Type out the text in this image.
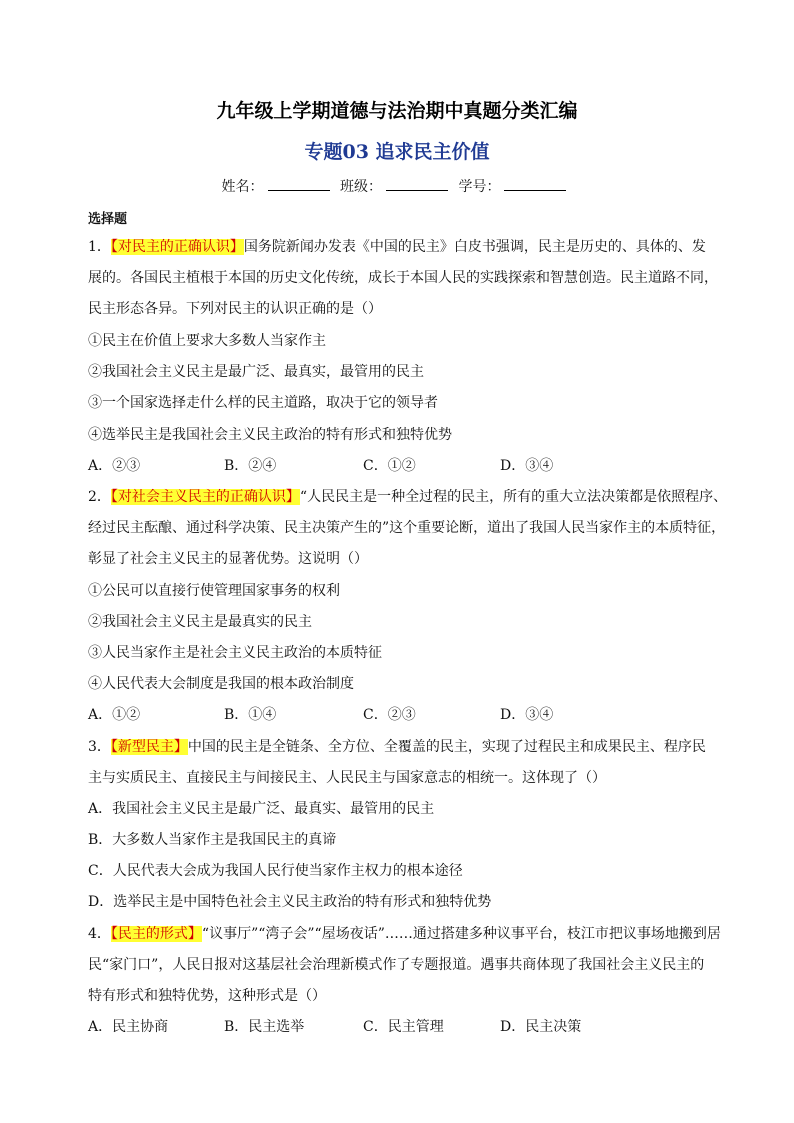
九年级上学期道德与法治期中真题分类汇编
专题03 追求民主价值
姓名：	班级：	学号：
选择题
1．【对民主的正确认识】国务院新闻办发表《中国的民主》白皮书强调，民主是历史的、具体的、发
展的。各国民主植根于本国的历史文化传统，成长于本国人民的实践探索和智慧创造。民主道路不同，
民主形态各异。下列对民主的认识正确的是（）
①民主在价值上要求大多数人当家作主
②我国社会主义民主是最广泛、最真实，最管用的民主
③一个国家选择走什么样的民主道路，取决于它的领导者
④选举民主是我国社会主义民主政治的特有形式和独特优势
A．②③	B．②④	C．①②	D．③④
2．【对社会主义民主的正确认识】“人民民主是一种全过程的民主，所有的重大立法决策都是依照程序、
经过民主酝酿、通过科学决策、民主决策产生的”这个重要论断，道出了我国人民当家作主的本质特征，
彰显了社会主义民主的显著优势。这说明（）
①公民可以直接行使管理国家事务的权利
②我国社会主义民主是最真实的民主
③人民当家作主是社会主义民主政治的本质特征
④人民代表大会制度是我国的根本政治制度
A．①②	B．①④	C．②③	D．③④
3．【新型民主】中国的民主是全链条、全方位、全覆盖的民主，实现了过程民主和成果民主、程序民
主与实质民主、直接民主与间接民主、人民民主与国家意志的相统一。这体现了（）
A．我国社会主义民主是最广泛、最真实、最管用的民主
B．大多数人当家作主是我国民主的真谛
C．人民代表大会成为我国人民行使当家作主权力的根本途径
D．选举民主是中国特色社会主义民主政治的特有形式和独特优势
4．【民主的形式】“议事厅”“湾子会”“屋场夜话”……通过搭建多种议事平台，枝江市把议事场地搬到居
民“家门口”，人民日报对这基层社会治理新模式作了专题报道。遇事共商体现了我国社会主义民主的
特有形式和独特优势，这种形式是（）
A．民主协商	B．民主选举	C．民主管理	D．民主决策
